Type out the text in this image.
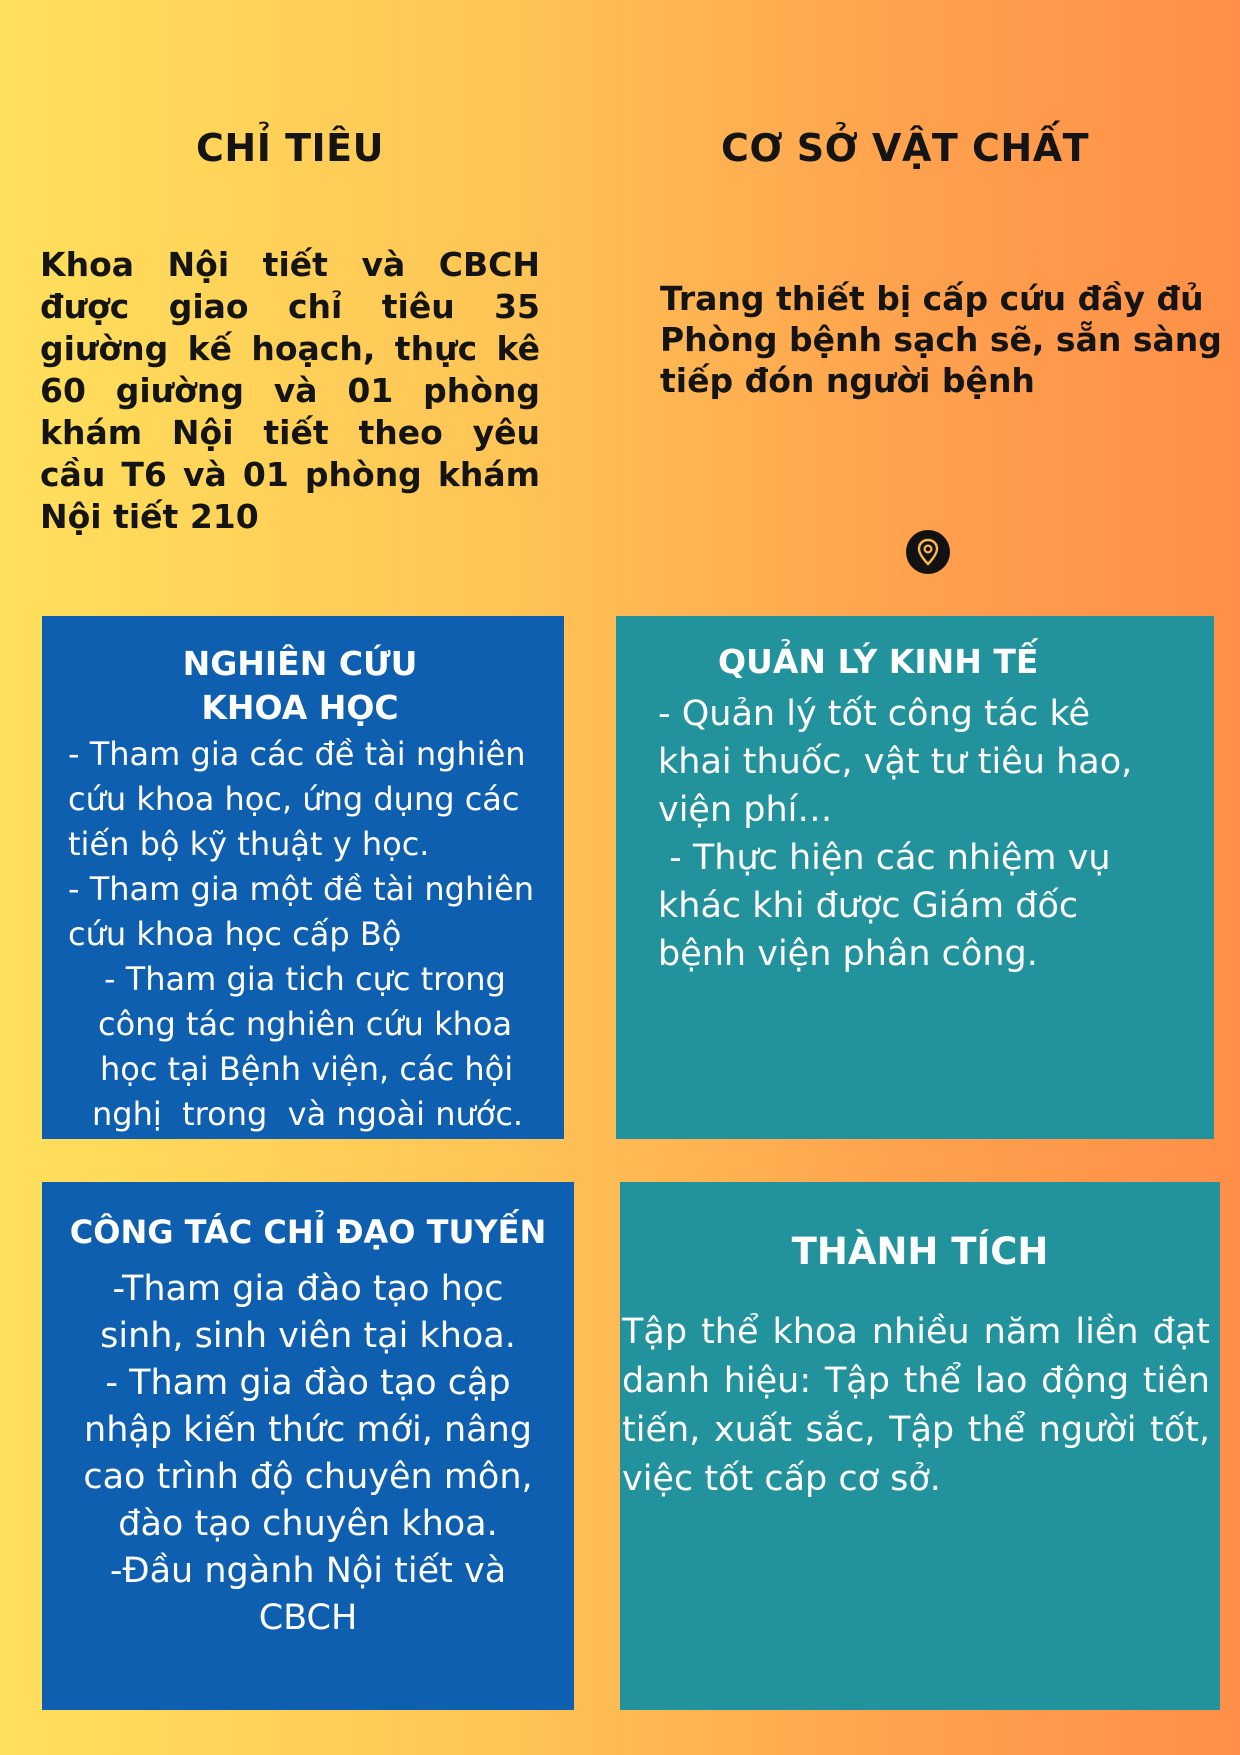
CHỈ TIÊU
Khoa Nội tiết và CBCH được giao chỉ tiêu 35 giường kế hoạch, thực kê 60 giường và 01 phòng khám Nội tiết theo yêu cầu T6 và 01 phòng khám Nội tiết 210
CƠ SỞ VẬT CHẤT
Trang thiết bị cấp cứu đầy đủ
Phòng bệnh sạch sẽ, sẵn sàng
tiếp đón người bệnh
NGHIÊN CỨU
KHOA HỌC
- Tham gia các đề tài nghiên
cứu khoa học, ứng dụng các
tiến bộ kỹ thuật y học.
- Tham gia một đề tài nghiên
cứu khoa học cấp Bộ
- Tham gia tich cực trong
công tác nghiên cứu khoa
học tại Bệnh viện, các hội
nghị  trong  và ngoài nước.
QUẢN LÝ KINH TẾ
- Quản lý tốt công tác kê
khai thuốc, vật tư tiêu hao,
viện phí…
- Thực hiện các nhiệm vụ
khác khi được Giám đốc
bệnh viện phân công.
CÔNG TÁC CHỈ ĐẠO TUYẾN
-Tham gia đào tạo học
sinh, sinh viên tại khoa.
- Tham gia đào tạo cập
nhập kiến thức mới, nâng
cao trình độ chuyên môn,
đào tạo chuyên khoa.
-Đầu ngành Nội tiết và
CBCH
THÀNH TÍCH
Tập thể khoa nhiều năm liền đạt danh hiệu: Tập thể lao động tiên tiến, xuất sắc, Tập thể người tốt, việc tốt cấp cơ sở.
